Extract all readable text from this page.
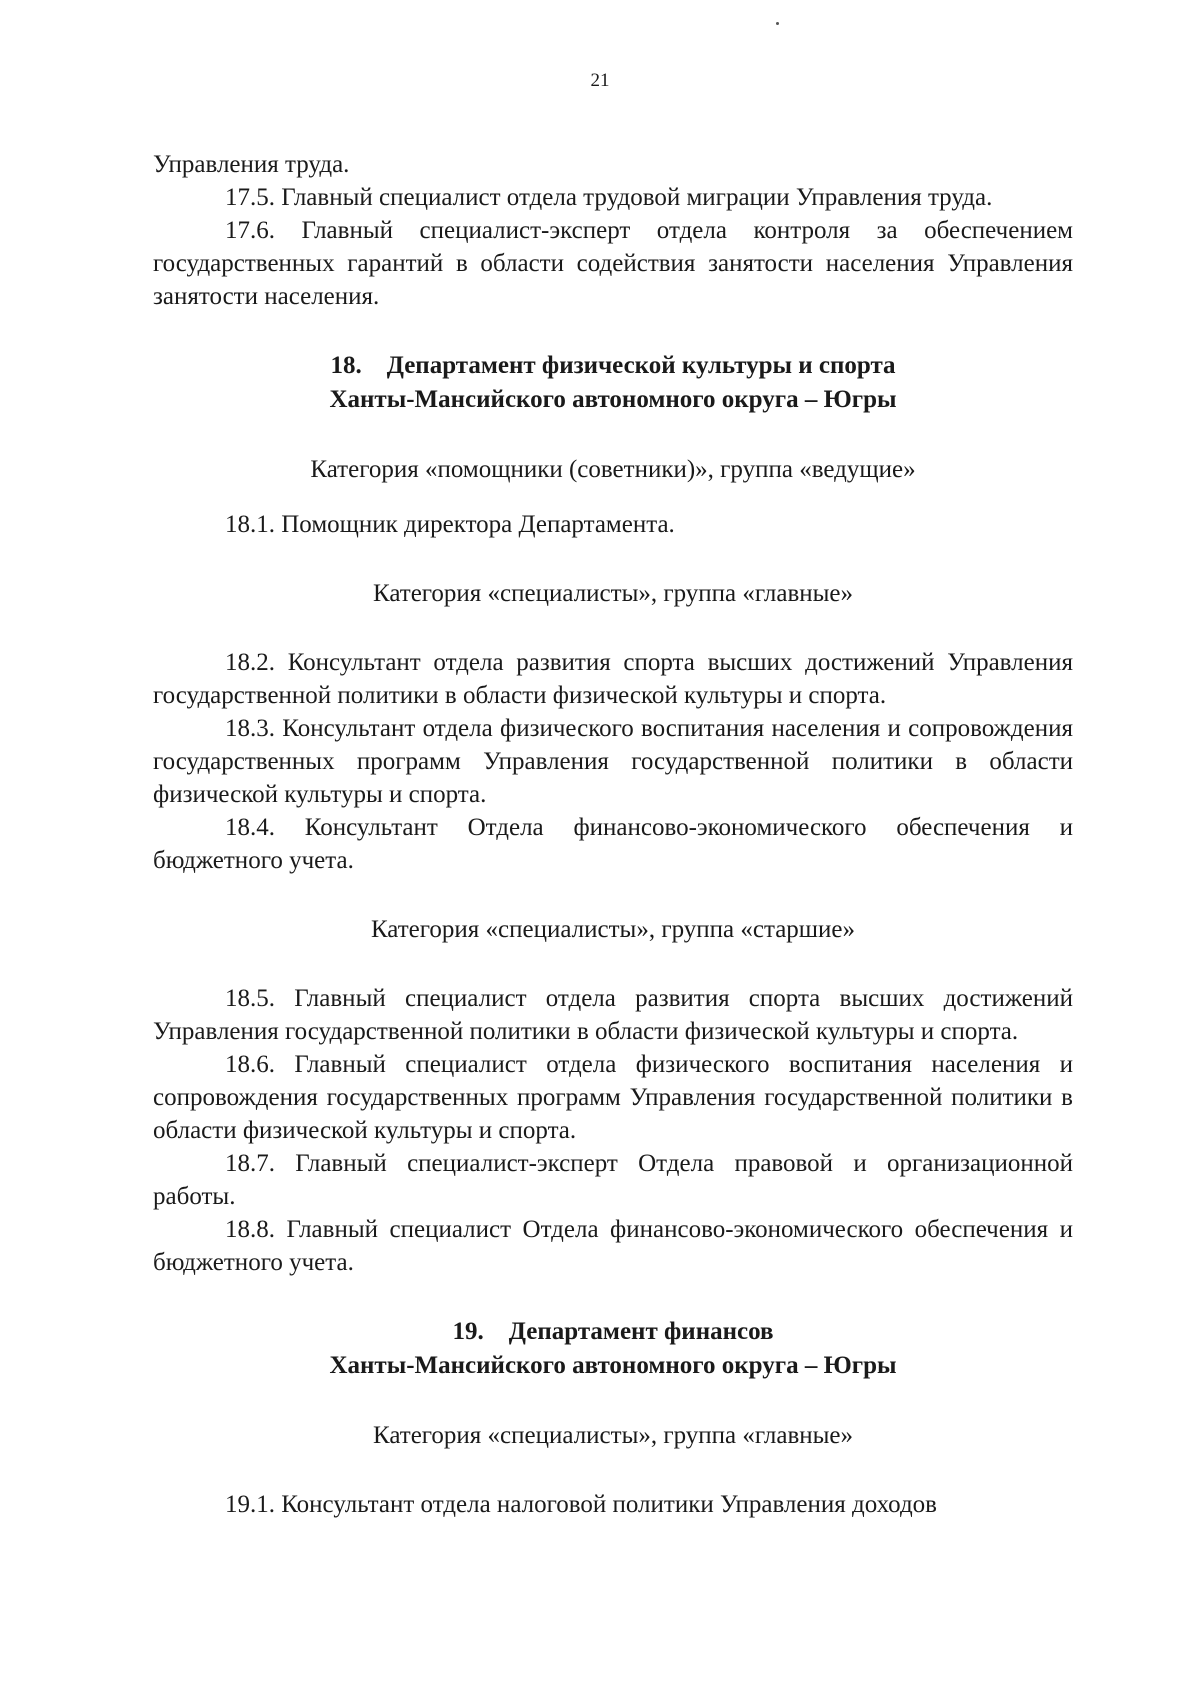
21

Управления труда.

17.5. Главный специалист отдела трудовой миграции Управления труда.

17.6. Главный специалист-эксперт отдела контроля за обеспечением государственных гарантий в области содействия занятости населения Управления занятости населения.

18. Департамент физической культуры и спорта
Ханты-Мансийского автономного округа – Югры

Категория «помощники (советники)», группа «ведущие»

18.1. Помощник директора Департамента.

Категория «специалисты», группа «главные»

18.2. Консультант отдела развития спорта высших достижений Управления государственной политики в области физической культуры и спорта.

18.3. Консультант отдела физического воспитания населения и сопровождения государственных программ Управления государственной политики в области физической культуры и спорта.

18.4. Консультант Отдела финансово-экономического обеспечения и бюджетного учета.

Категория «специалисты», группа «старшие»

18.5. Главный специалист отдела развития спорта высших достижений Управления государственной политики в области физической культуры и спорта.

18.6. Главный специалист отдела физического воспитания населения и сопровождения государственных программ Управления государственной политики в области физической культуры и спорта.

18.7. Главный специалист-эксперт Отдела правовой и организационной работы.

18.8. Главный специалист Отдела финансово-экономического обеспечения и бюджетного учета.

19. Департамент финансов
Ханты-Мансийского автономного округа – Югры

Категория «специалисты», группа «главные»

19.1. Консультант отдела налоговой политики Управления доходов
